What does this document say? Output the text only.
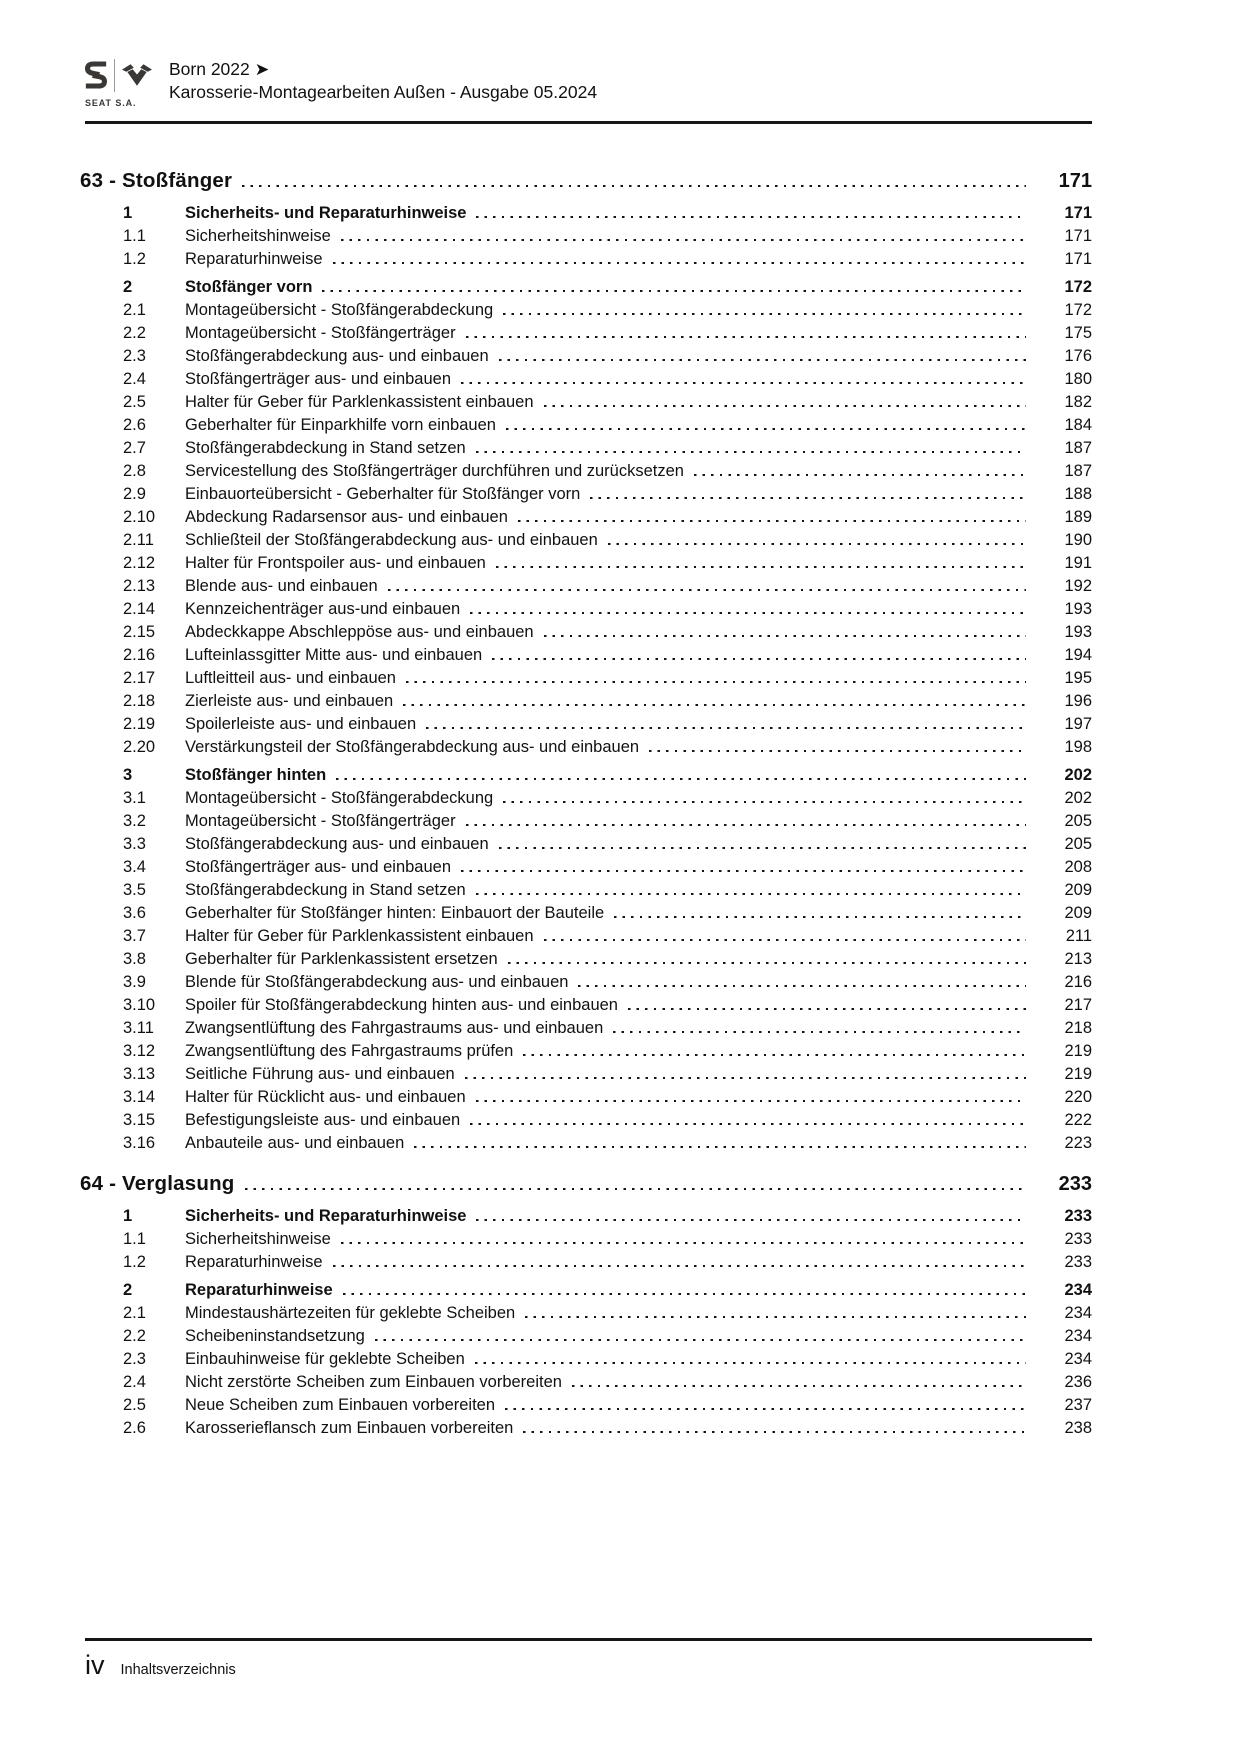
SEAT S.A.
Born 2022 ➤
Karosserie-Montagearbeiten Außen - Ausgabe 05.2024
63 - Stoßfänger	171
1	Sicherheits- und Reparaturhinweise	171
1.1	Sicherheitshinweise	171
1.2	Reparaturhinweise	171
2	Stoßfänger vorn	172
2.1	Montageübersicht - Stoßfängerabdeckung	172
2.2	Montageübersicht - Stoßfängerträger	175
2.3	Stoßfängerabdeckung aus- und einbauen	176
2.4	Stoßfängerträger aus- und einbauen	180
2.5	Halter für Geber für Parklenkassistent einbauen	182
2.6	Geberhalter für Einparkhilfe vorn einbauen	184
2.7	Stoßfängerabdeckung in Stand setzen	187
2.8	Servicestellung des Stoßfängerträger durchführen und zurücksetzen	187
2.9	Einbauorteübersicht - Geberhalter für Stoßfänger vorn	188
2.10	Abdeckung Radarsensor aus- und einbauen	189
2.11	Schließteil der Stoßfängerabdeckung aus- und einbauen	190
2.12	Halter für Frontspoiler aus- und einbauen	191
2.13	Blende aus- und einbauen	192
2.14	Kennzeichenträger aus-und einbauen	193
2.15	Abdeckkappe Abschleppöse aus- und einbauen	193
2.16	Lufteinlassgitter Mitte aus- und einbauen	194
2.17	Luftleitteil aus- und einbauen	195
2.18	Zierleiste aus- und einbauen	196
2.19	Spoilerleiste aus- und einbauen	197
2.20	Verstärkungsteil der Stoßfängerabdeckung aus- und einbauen	198
3	Stoßfänger hinten	202
3.1	Montageübersicht - Stoßfängerabdeckung	202
3.2	Montageübersicht - Stoßfängerträger	205
3.3	Stoßfängerabdeckung aus- und einbauen	205
3.4	Stoßfängerträger aus- und einbauen	208
3.5	Stoßfängerabdeckung in Stand setzen	209
3.6	Geberhalter für Stoßfänger hinten: Einbauort der Bauteile	209
3.7	Halter für Geber für Parklenkassistent einbauen	211
3.8	Geberhalter für Parklenkassistent ersetzen	213
3.9	Blende für Stoßfängerabdeckung aus- und einbauen	216
3.10	Spoiler für Stoßfängerabdeckung hinten aus- und einbauen	217
3.11	Zwangsentlüftung des Fahrgastraums aus- und einbauen	218
3.12	Zwangsentlüftung des Fahrgastraums prüfen	219
3.13	Seitliche Führung aus- und einbauen	219
3.14	Halter für Rücklicht aus- und einbauen	220
3.15	Befestigungsleiste aus- und einbauen	222
3.16	Anbauteile aus- und einbauen	223
64 - Verglasung	233
1	Sicherheits- und Reparaturhinweise	233
1.1	Sicherheitshinweise	233
1.2	Reparaturhinweise	233
2	Reparaturhinweise	234
2.1	Mindestaushärtezeiten für geklebte Scheiben	234
2.2	Scheibeninstandsetzung	234
2.3	Einbauhinweise für geklebte Scheiben	234
2.4	Nicht zerstörte Scheiben zum Einbauen vorbereiten	236
2.5	Neue Scheiben zum Einbauen vorbereiten	237
2.6	Karosserieflansch zum Einbauen vorbereiten	238
iv Inhaltsverzeichnis
